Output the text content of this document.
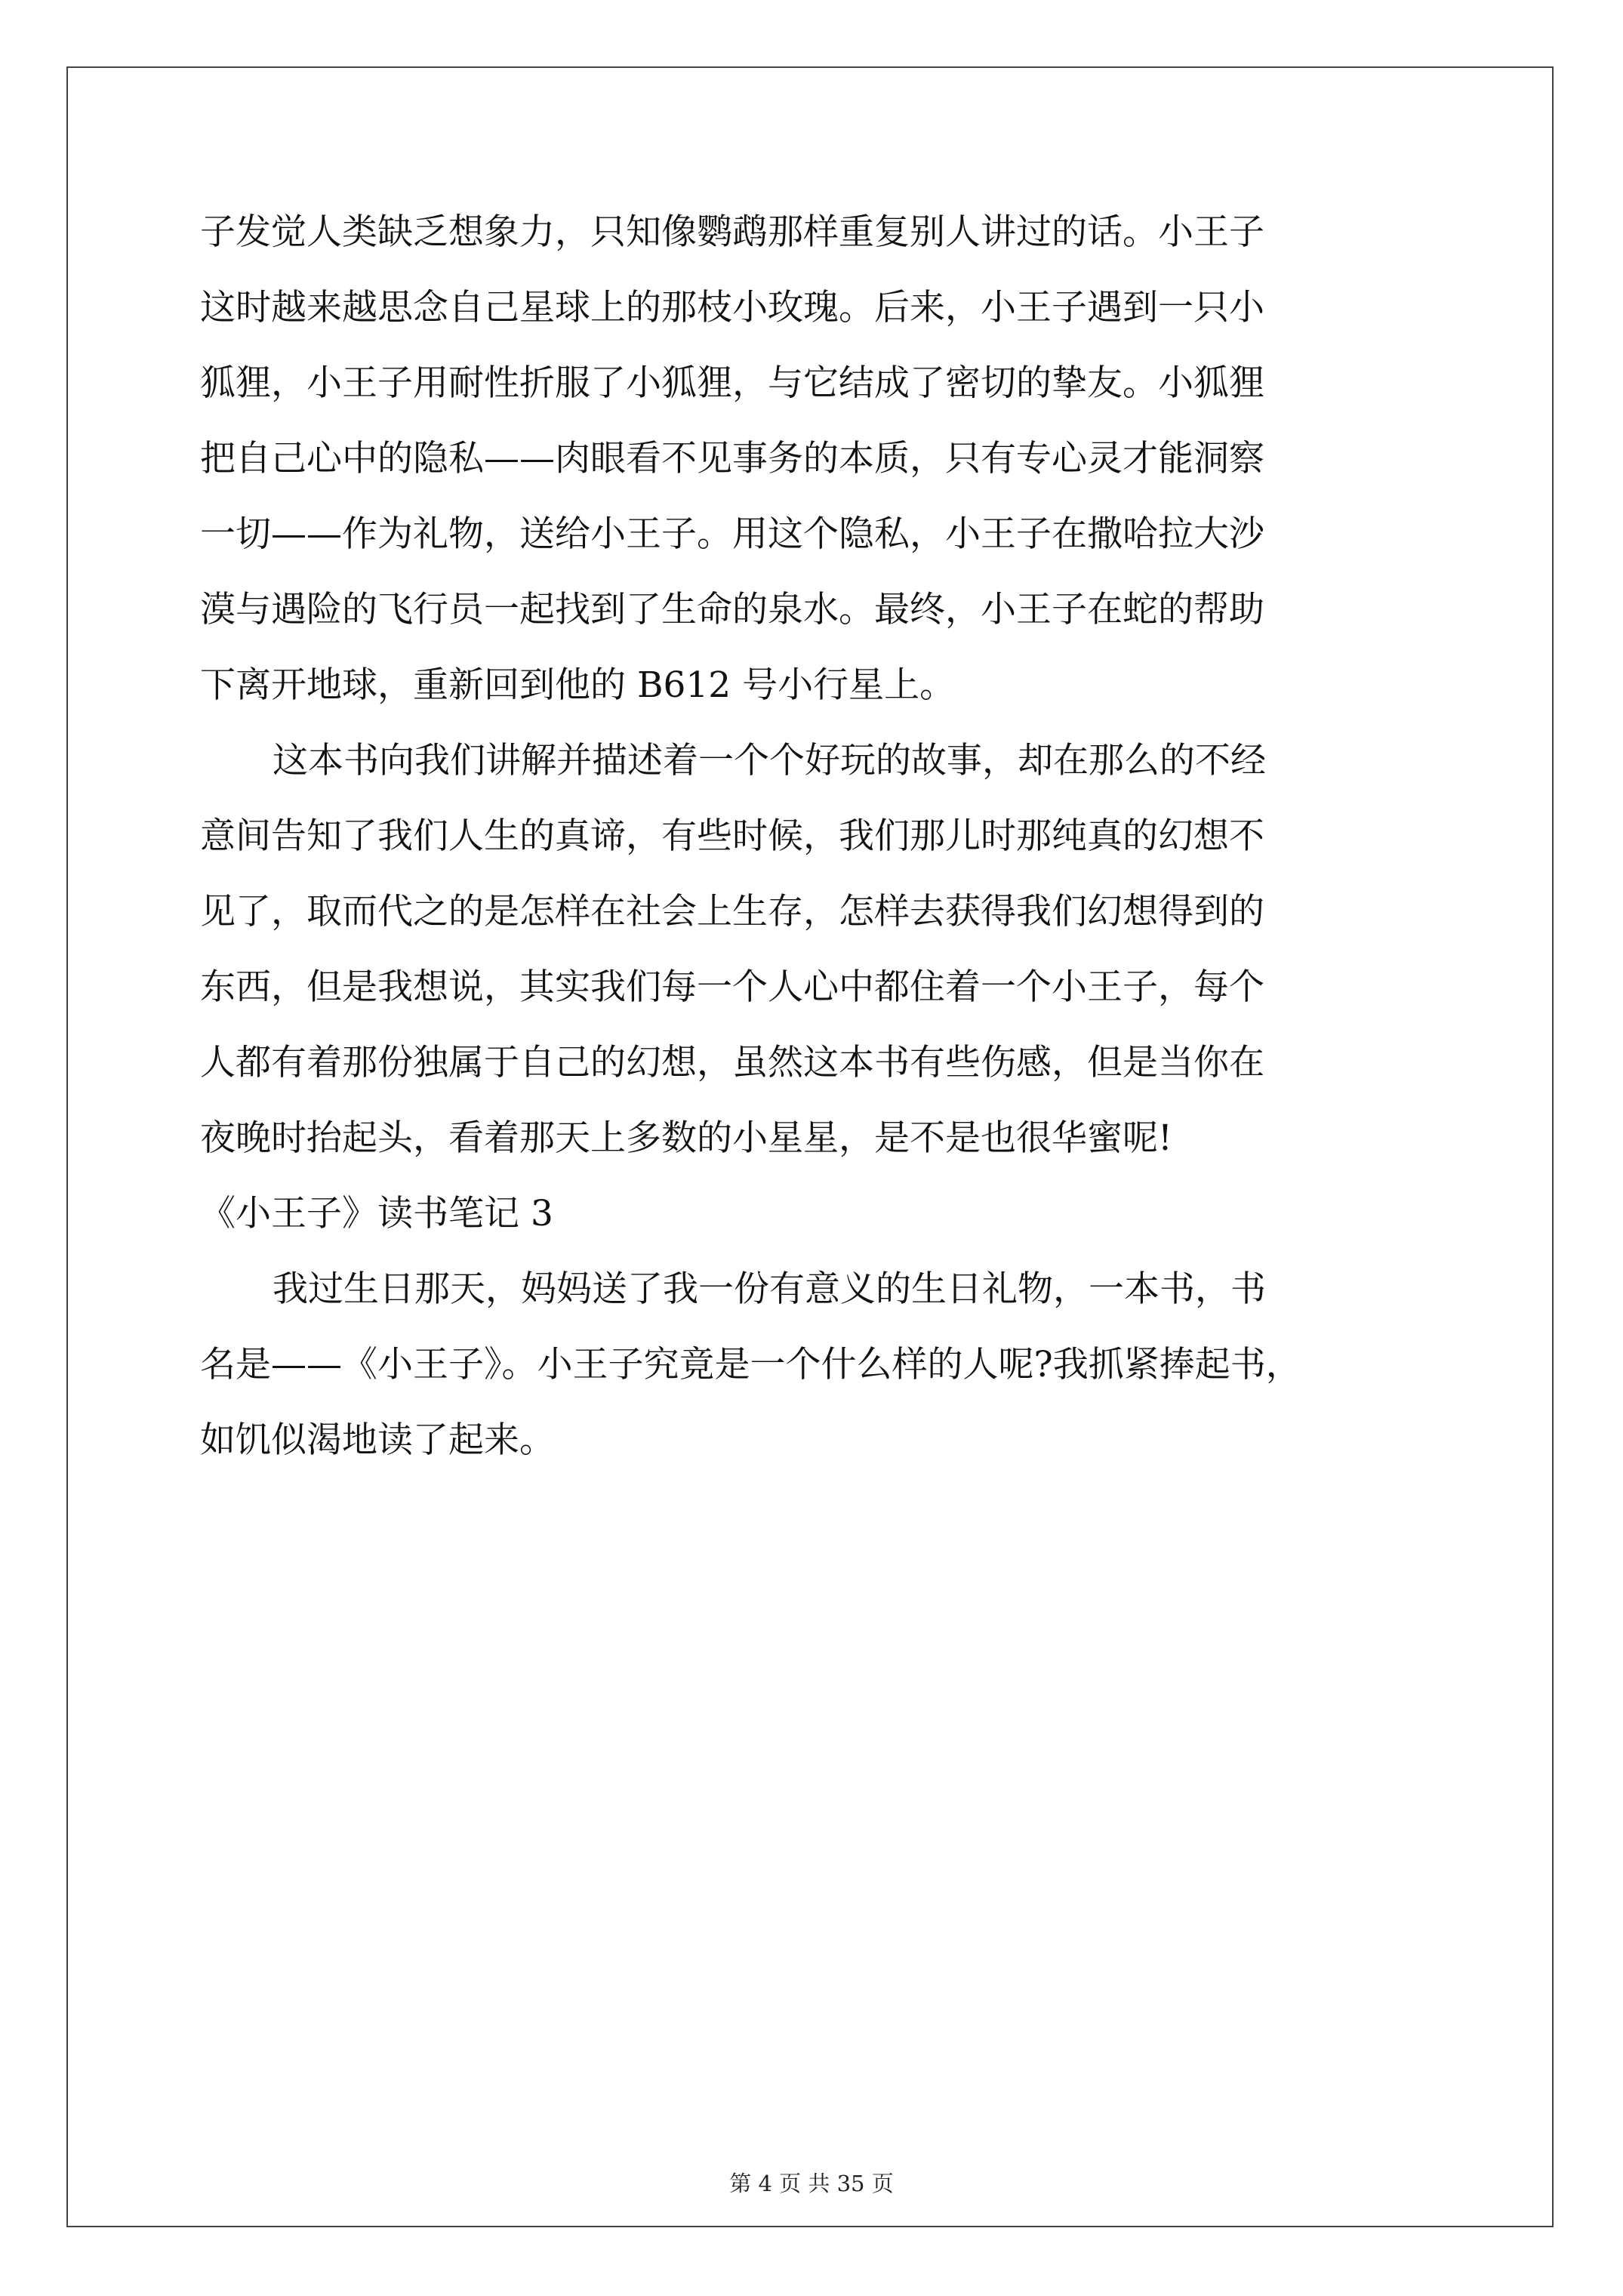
子发觉人类缺乏想象力，只知像鹦鹉那样重复别人讲过的话。小王子
这时越来越思念自己星球上的那枝小玫瑰。后来，小王子遇到一只小
狐狸，小王子用耐性折服了小狐狸，与它结成了密切的挚友。小狐狸
把自己心中的隐私——肉眼看不见事务的本质，只有专心灵才能洞察
一切——作为礼物，送给小王子。用这个隐私，小王子在撒哈拉大沙
漠与遇险的飞行员一起找到了生命的泉水。最终，小王子在蛇的帮助
下离开地球，重新回到他的 B612 号小行星上。
这本书向我们讲解并描述着一个个好玩的故事，却在那么的不经
意间告知了我们人生的真谛，有些时候，我们那儿时那纯真的幻想不
见了，取而代之的是怎样在社会上生存，怎样去获得我们幻想得到的
东西，但是我想说，其实我们每一个人心中都住着一个小王子，每个
人都有着那份独属于自己的幻想，虽然这本书有些伤感，但是当你在
夜晚时抬起头，看着那天上多数的小星星，是不是也很华蜜呢!
《小王子》读书笔记 3
我过生日那天，妈妈送了我一份有意义的生日礼物，一本书，书
名是——《小王子》。小王子究竟是一个什么样的人呢?我抓紧捧起书，
如饥似渴地读了起来。
第 4 页 共 35 页
